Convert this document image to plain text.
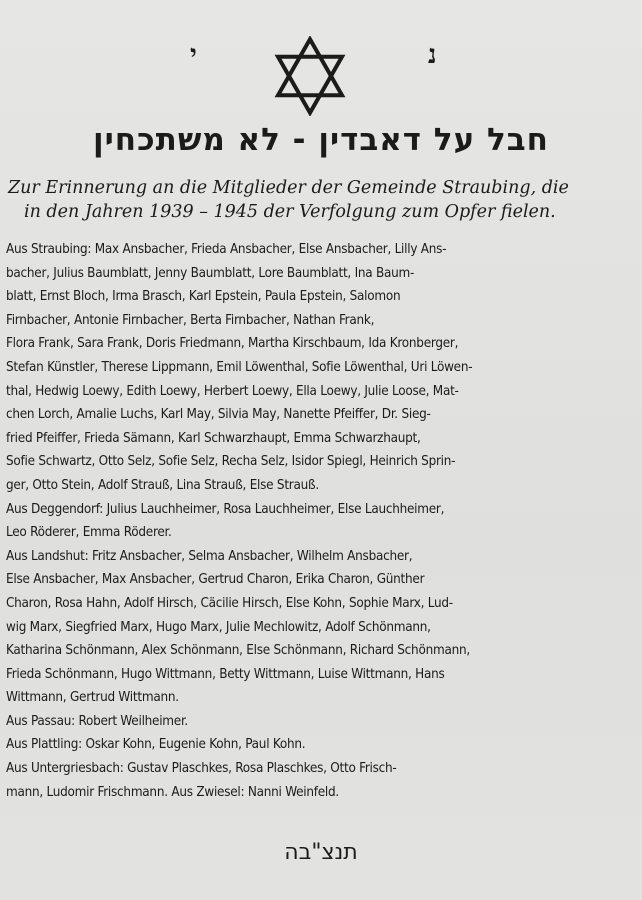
י	נ
חבל על דאבדין - לא משתכחין
Zur Erinnerung an die Mitglieder der Gemeinde Straubing, die
in den Jahren 1939 – 1945 der Verfolgung zum Opfer fielen.
Aus Straubing: Max Ansbacher, Frieda Ansbacher, Else Ansbacher, Lilly Ans-
bacher, Julius Baumblatt, Jenny Baumblatt, Lore Baumblatt, Ina Baum-
blatt, Ernst Bloch, Irma Brasch, Karl Epstein, Paula Epstein, Salomon
Firnbacher, Antonie Firnbacher, Berta Firnbacher, Nathan Frank,
Flora Frank, Sara Frank, Doris Friedmann, Martha Kirschbaum, Ida Kronberger,
Stefan Künstler, Therese Lippmann, Emil Löwenthal, Sofie Löwenthal, Uri Löwen-
thal, Hedwig Loewy, Edith Loewy, Herbert Loewy, Ella Loewy, Julie Loose, Mat-
chen Lorch, Amalie Luchs, Karl May, Silvia May, Nanette Pfeiffer, Dr. Sieg-
fried Pfeiffer, Frieda Sämann, Karl Schwarzhaupt, Emma Schwarzhaupt,
Sofie Schwartz, Otto Selz, Sofie Selz, Recha Selz, Isidor Spiegl, Heinrich Sprin-
ger, Otto Stein, Adolf Strauß, Lina Strauß, Else Strauß.
Aus Deggendorf: Julius Lauchheimer, Rosa Lauchheimer, Else Lauchheimer,
Leo Röderer, Emma Röderer.
Aus Landshut: Fritz Ansbacher, Selma Ansbacher, Wilhelm Ansbacher,
Else Ansbacher, Max Ansbacher, Gertrud Charon, Erika Charon, Günther
Charon, Rosa Hahn, Adolf Hirsch, Cäcilie Hirsch, Else Kohn, Sophie Marx, Lud-
wig Marx, Siegfried Marx, Hugo Marx, Julie Mechlowitz, Adolf Schönmann,
Katharina Schönmann, Alex Schönmann, Else Schönmann, Richard Schönmann,
Frieda Schönmann, Hugo Wittmann, Betty Wittmann, Luise Wittmann, Hans
Wittmann, Gertrud Wittmann.
Aus Passau: Robert Weilheimer.
Aus Plattling: Oskar Kohn, Eugenie Kohn, Paul Kohn.
Aus Untergriesbach: Gustav Plaschkes, Rosa Plaschkes, Otto Frisch-
mann, Ludomir Frischmann. Aus Zwiesel: Nanni Weinfeld.
תנצ"בה
